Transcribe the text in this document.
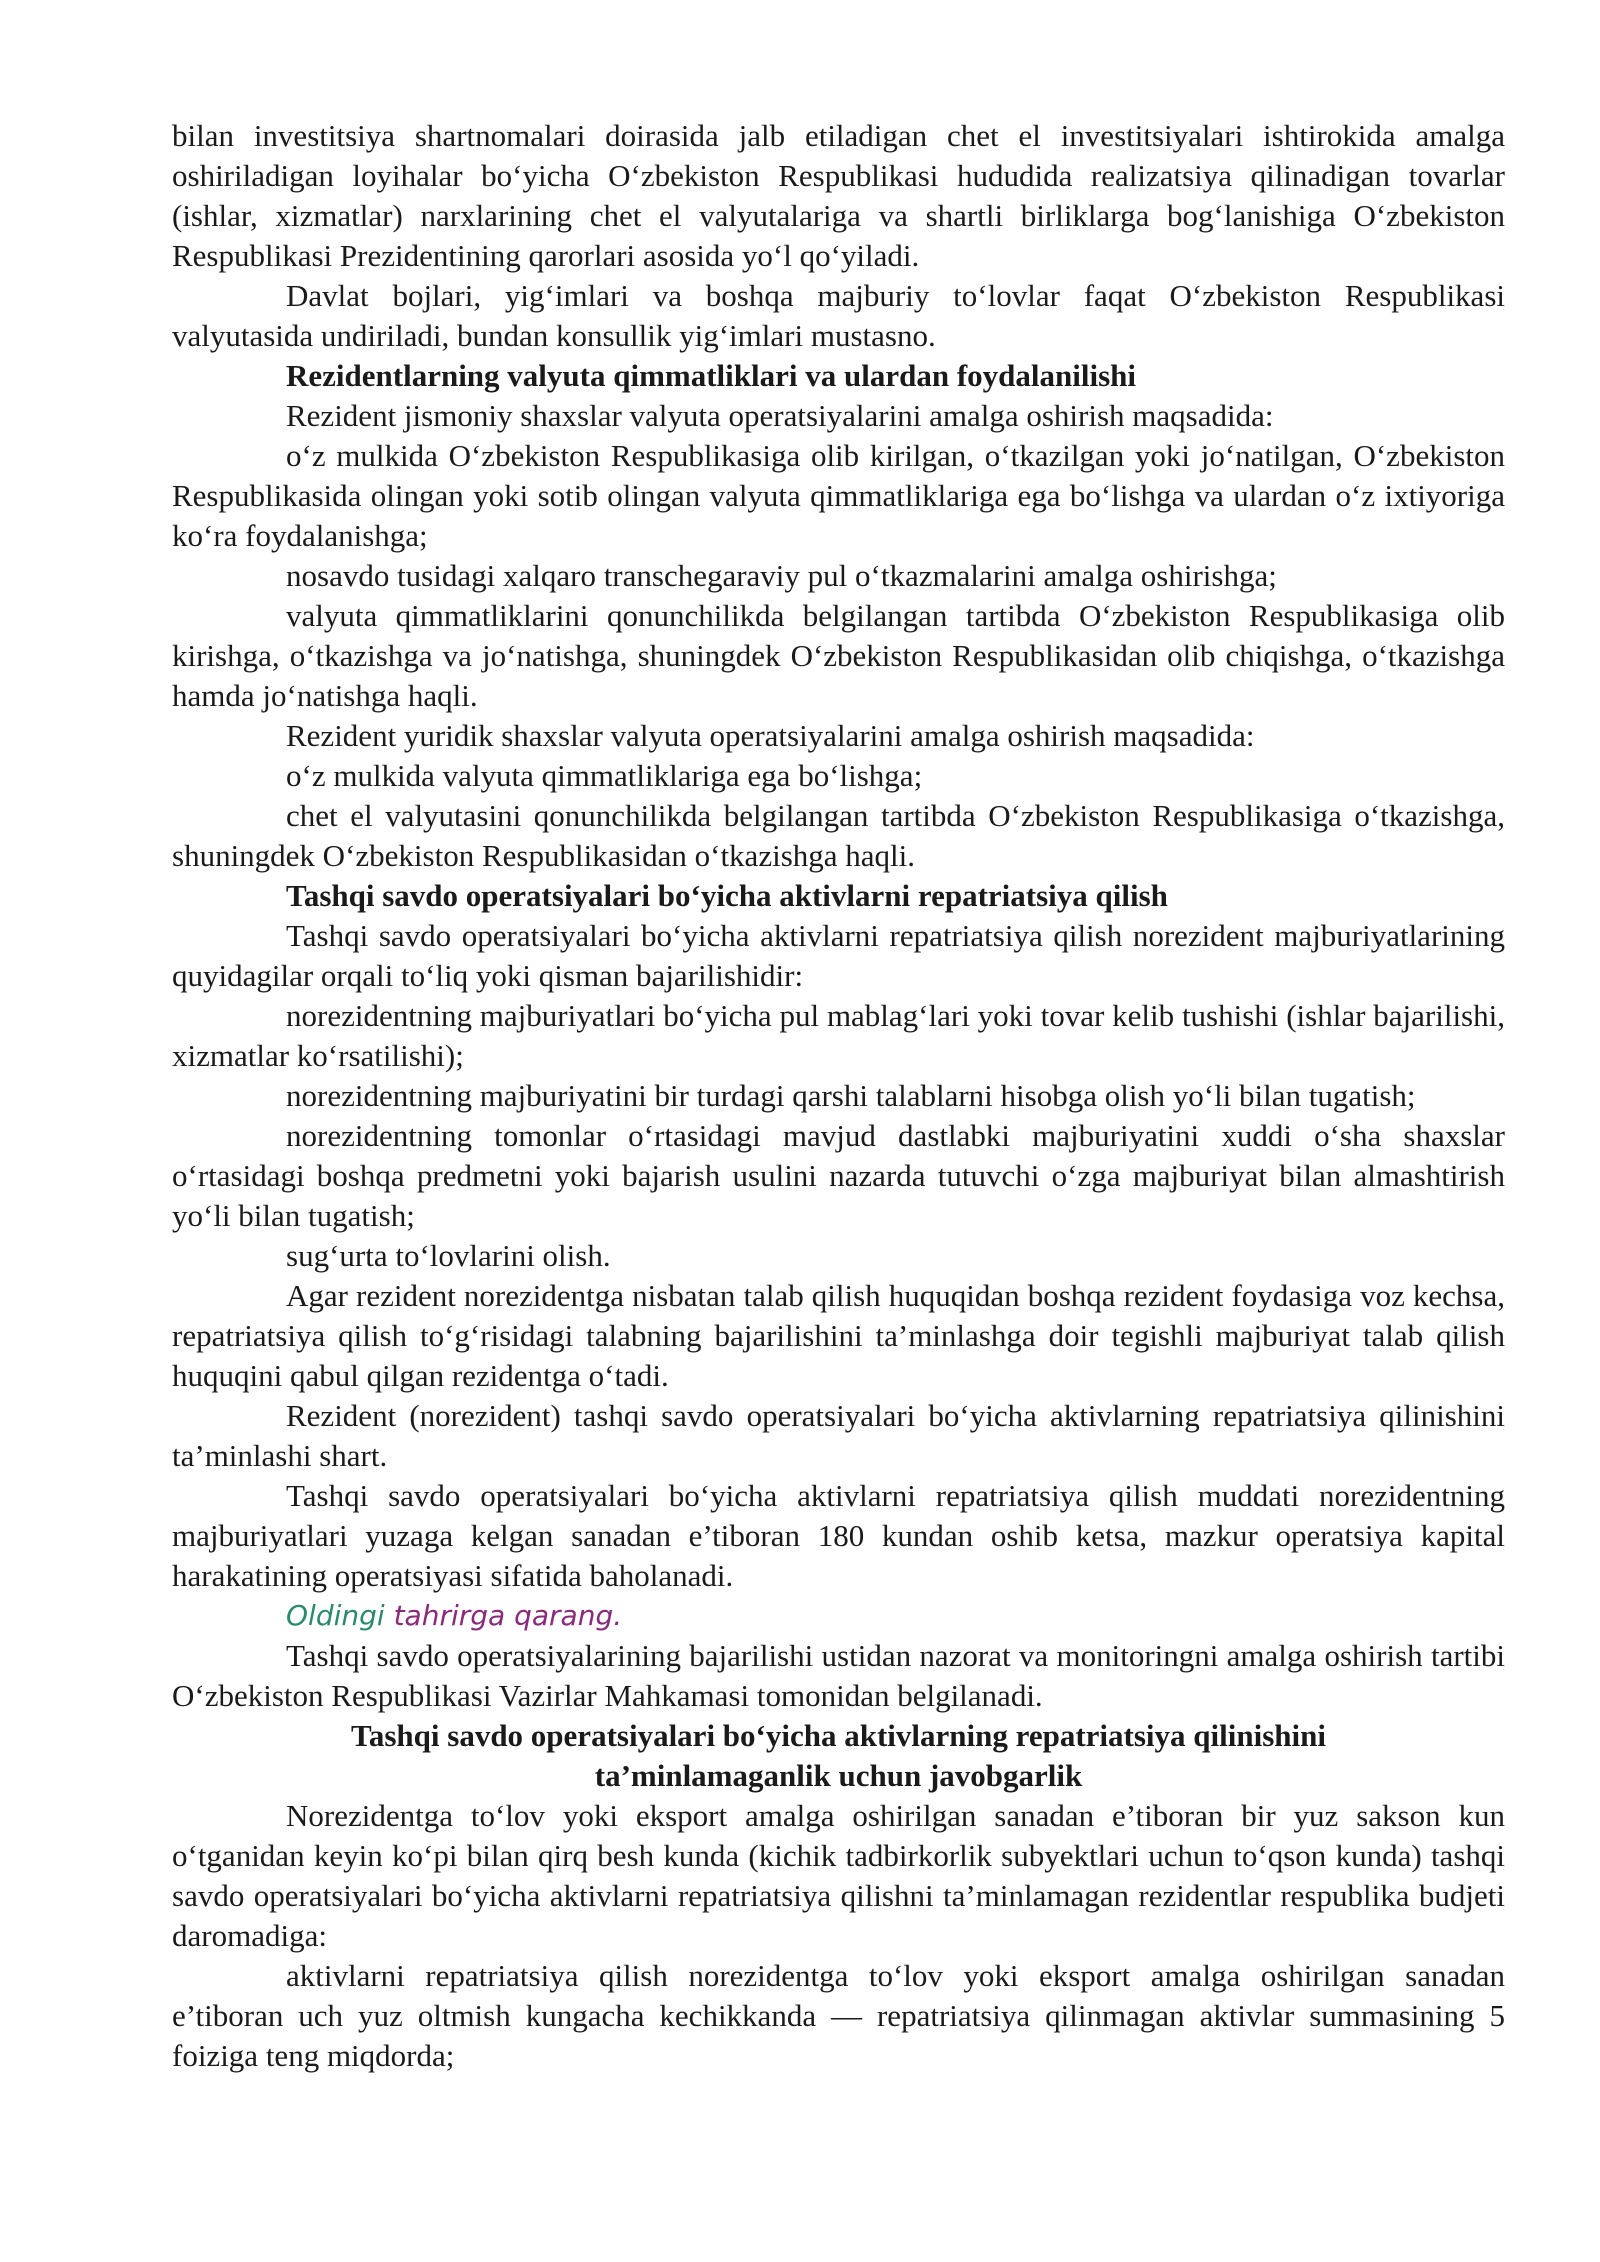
bilan investitsiya shartnomalari doirasida jalb etiladigan chet el investitsiyalari ishtirokida amalga oshiriladigan loyihalar bo‘yicha O‘zbekiston Respublikasi hududida realizatsiya qilinadigan tovarlar (ishlar, xizmatlar) narxlarining chet el valyutalariga va shartli birliklarga bog‘lanishiga O‘zbekiston Respublikasi Prezidentining qarorlari asosida yo‘l qo‘yiladi.

Davlat bojlari, yig‘imlari va boshqa majburiy to‘lovlar faqat O‘zbekiston Respublikasi valyutasida undiriladi, bundan konsullik yig‘imlari mustasno.

Rezidentlarning valyuta qimmatliklari va ulardan foydalanilishi

Rezident jismoniy shaxslar valyuta operatsiyalarini amalga oshirish maqsadida:

o‘z mulkida O‘zbekiston Respublikasiga olib kirilgan, o‘tkazilgan yoki jo‘natilgan, O‘zbekiston Respublikasida olingan yoki sotib olingan valyuta qimmatliklariga ega bo‘lishga va ulardan o‘z ixtiyoriga ko‘ra foydalanishga;

nosavdo tusidagi xalqaro transchegaraviy pul o‘tkazmalarini amalga oshirishga;

valyuta qimmatliklarini qonunchilikda belgilangan tartibda O‘zbekiston Respublikasiga olib kirishga, o‘tkazishga va jo‘natishga, shuningdek O‘zbekiston Respublikasidan olib chiqishga, o‘tkazishga hamda jo‘natishga haqli.

Rezident yuridik shaxslar valyuta operatsiyalarini amalga oshirish maqsadida:

o‘z mulkida valyuta qimmatliklariga ega bo‘lishga;

chet el valyutasini qonunchilikda belgilangan tartibda O‘zbekiston Respublikasiga o‘tkazishga, shuningdek O‘zbekiston Respublikasidan o‘tkazishga haqli.

Tashqi savdo operatsiyalari bo‘yicha aktivlarni repatriatsiya qilish

Tashqi savdo operatsiyalari bo‘yicha aktivlarni repatriatsiya qilish norezident majburiyatlarining quyidagilar orqali to‘liq yoki qisman bajarilishidir:

norezidentning majburiyatlari bo‘yicha pul mablag‘lari yoki tovar kelib tushishi (ishlar bajarilishi, xizmatlar ko‘rsatilishi);

norezidentning majburiyatini bir turdagi qarshi talablarni hisobga olish yo‘li bilan tugatish;

norezidentning tomonlar o‘rtasidagi mavjud dastlabki majburiyatini xuddi o‘sha shaxslar o‘rtasidagi boshqa predmetni yoki bajarish usulini nazarda tutuvchi o‘zga majburiyat bilan almashtirish yo‘li bilan tugatish;

sug‘urta to‘lovlarini olish.

Agar rezident norezidentga nisbatan talab qilish huquqidan boshqa rezident foydasiga voz kechsa, repatriatsiya qilish to‘g‘risidagi talabning bajarilishini ta’minlashga doir tegishli majburiyat talab qilish huquqini qabul qilgan rezidentga o‘tadi.

Rezident (norezident) tashqi savdo operatsiyalari bo‘yicha aktivlarning repatriatsiya qilinishini ta’minlashi shart.

Tashqi savdo operatsiyalari bo‘yicha aktivlarni repatriatsiya qilish muddati norezidentning majburiyatlari yuzaga kelgan sanadan e’tiboran 180 kundan oshib ketsa, mazkur operatsiya kapital harakatining operatsiyasi sifatida baholanadi.

Oldingi tahrirga qarang.

Tashqi savdo operatsiyalarining bajarilishi ustidan nazorat va monitoringni amalga oshirish tartibi O‘zbekiston Respublikasi Vazirlar Mahkamasi tomonidan belgilanadi.

Tashqi savdo operatsiyalari bo‘yicha aktivlarning repatriatsiya qilinishini
ta’minlamaganlik uchun javobgarlik

Norezidentga to‘lov yoki eksport amalga oshirilgan sanadan e’tiboran bir yuz sakson kun o‘tganidan keyin ko‘pi bilan qirq besh kunda (kichik tadbirkorlik subyektlari uchun to‘qson kunda) tashqi savdo operatsiyalari bo‘yicha aktivlarni repatriatsiya qilishni ta’minlamagan rezidentlar respublika budjeti daromadiga:

aktivlarni repatriatsiya qilish norezidentga to‘lov yoki eksport amalga oshirilgan sanadan e’tiboran uch yuz oltmish kungacha kechikkanda — repatriatsiya qilinmagan aktivlar summasining 5 foiziga teng miqdorda;
